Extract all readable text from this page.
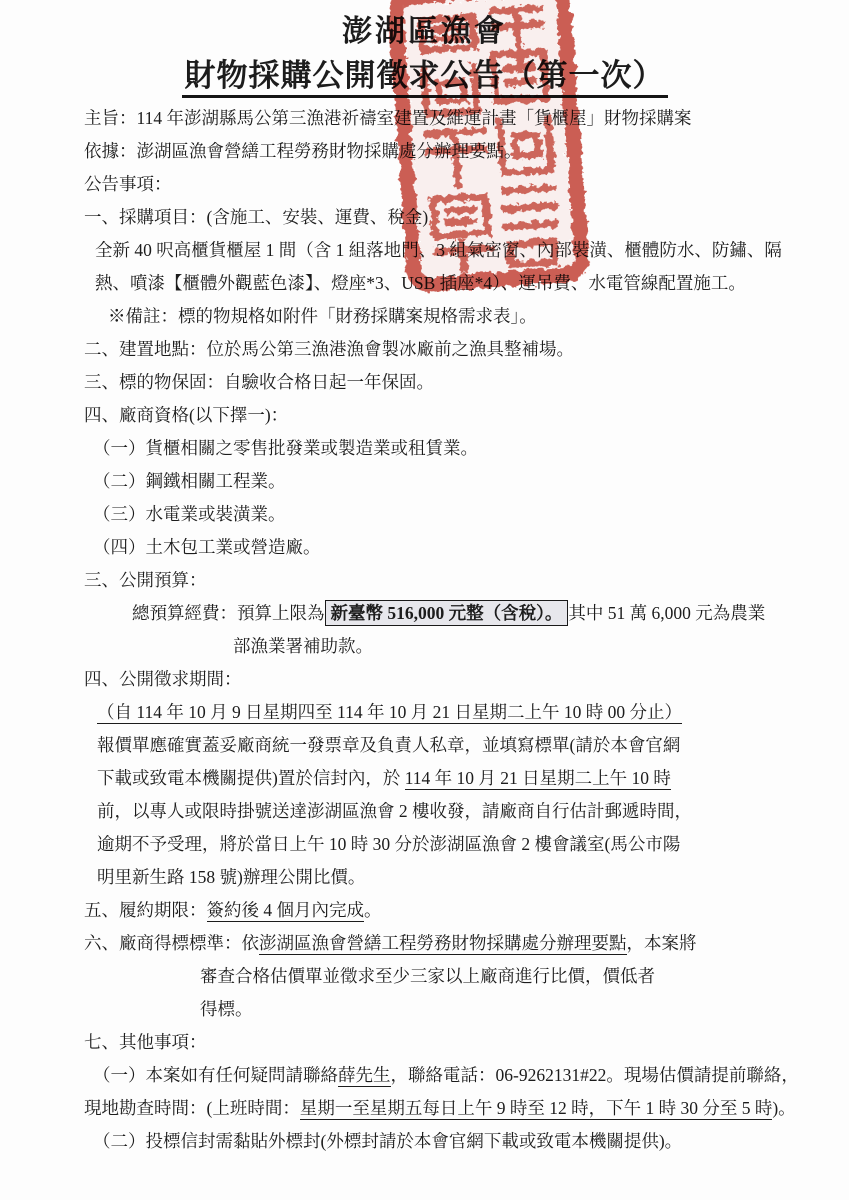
澎湖區漁會
財物採購公開徵求公告（第一次）
主旨：114 年澎湖縣馬公第三漁港祈禱室建置及維運計畫「貨櫃屋」財物採購案
依據：澎湖區漁會營繕工程勞務財物採購處分辦理要點。
公告事項：
一、採購項目：(含施工、安裝、運費、稅金)
全新 40 呎高櫃貨櫃屋 1 間（含 1 組落地門、3 組氣密窗、內部裝潢、櫃體防水、防鏽、隔
熱、噴漆【櫃體外觀藍色漆】、燈座*3、USB 插座*4）、運吊費、水電管線配置施工。
※備註：標的物規格如附件「財務採購案規格需求表」。
二、建置地點：位於馬公第三漁港漁會製冰廠前之漁具整補場。
三、標的物保固：自驗收合格日起一年保固。
四、廠商資格(以下擇一)：
（一）貨櫃相關之零售批發業或製造業或租賃業。
（二）鋼鐵相關工程業。
（三）水電業或裝潢業。
（四）土木包工業或營造廠。
三、公開預算：
總預算經費：預算上限為 新臺幣 516,000 元整（含稅）。 其中 51 萬 6,000 元為農業
部漁業署補助款。
四、公開徵求期間：
（自 114 年 10 月 9 日星期四至 114 年 10 月 21 日星期二上午 10 時 00 分止）
報價單應確實蓋妥廠商統一發票章及負責人私章，並填寫標單(請於本會官網
下載或致電本機關提供)置於信封內，於 114 年 10 月 21 日星期二上午 10 時
前，以專人或限時掛號送達澎湖區漁會 2 樓收發，請廠商自行估計郵遞時間，
逾期不予受理，將於當日上午 10 時 30 分於澎湖區漁會 2 樓會議室(馬公市陽
明里新生路 158 號)辦理公開比價。
五、履約期限：簽約後 4 個月內完成。
六、廠商得標標準：依澎湖區漁會營繕工程勞務財物採購處分辦理要點，本案將
審查合格估價單並徵求至少三家以上廠商進行比價，價低者
得標。
七、其他事項：
（一）本案如有任何疑問請聯絡薛先生，聯絡電話：06-9262131#22。現場估價請提前聯絡，
現地勘查時間：(上班時間：星期一至星期五每日上午 9 時至 12 時，下午 1 時 30 分至 5 時)。
（二）投標信封需黏貼外標封(外標封請於本會官網下載或致電本機關提供)。
